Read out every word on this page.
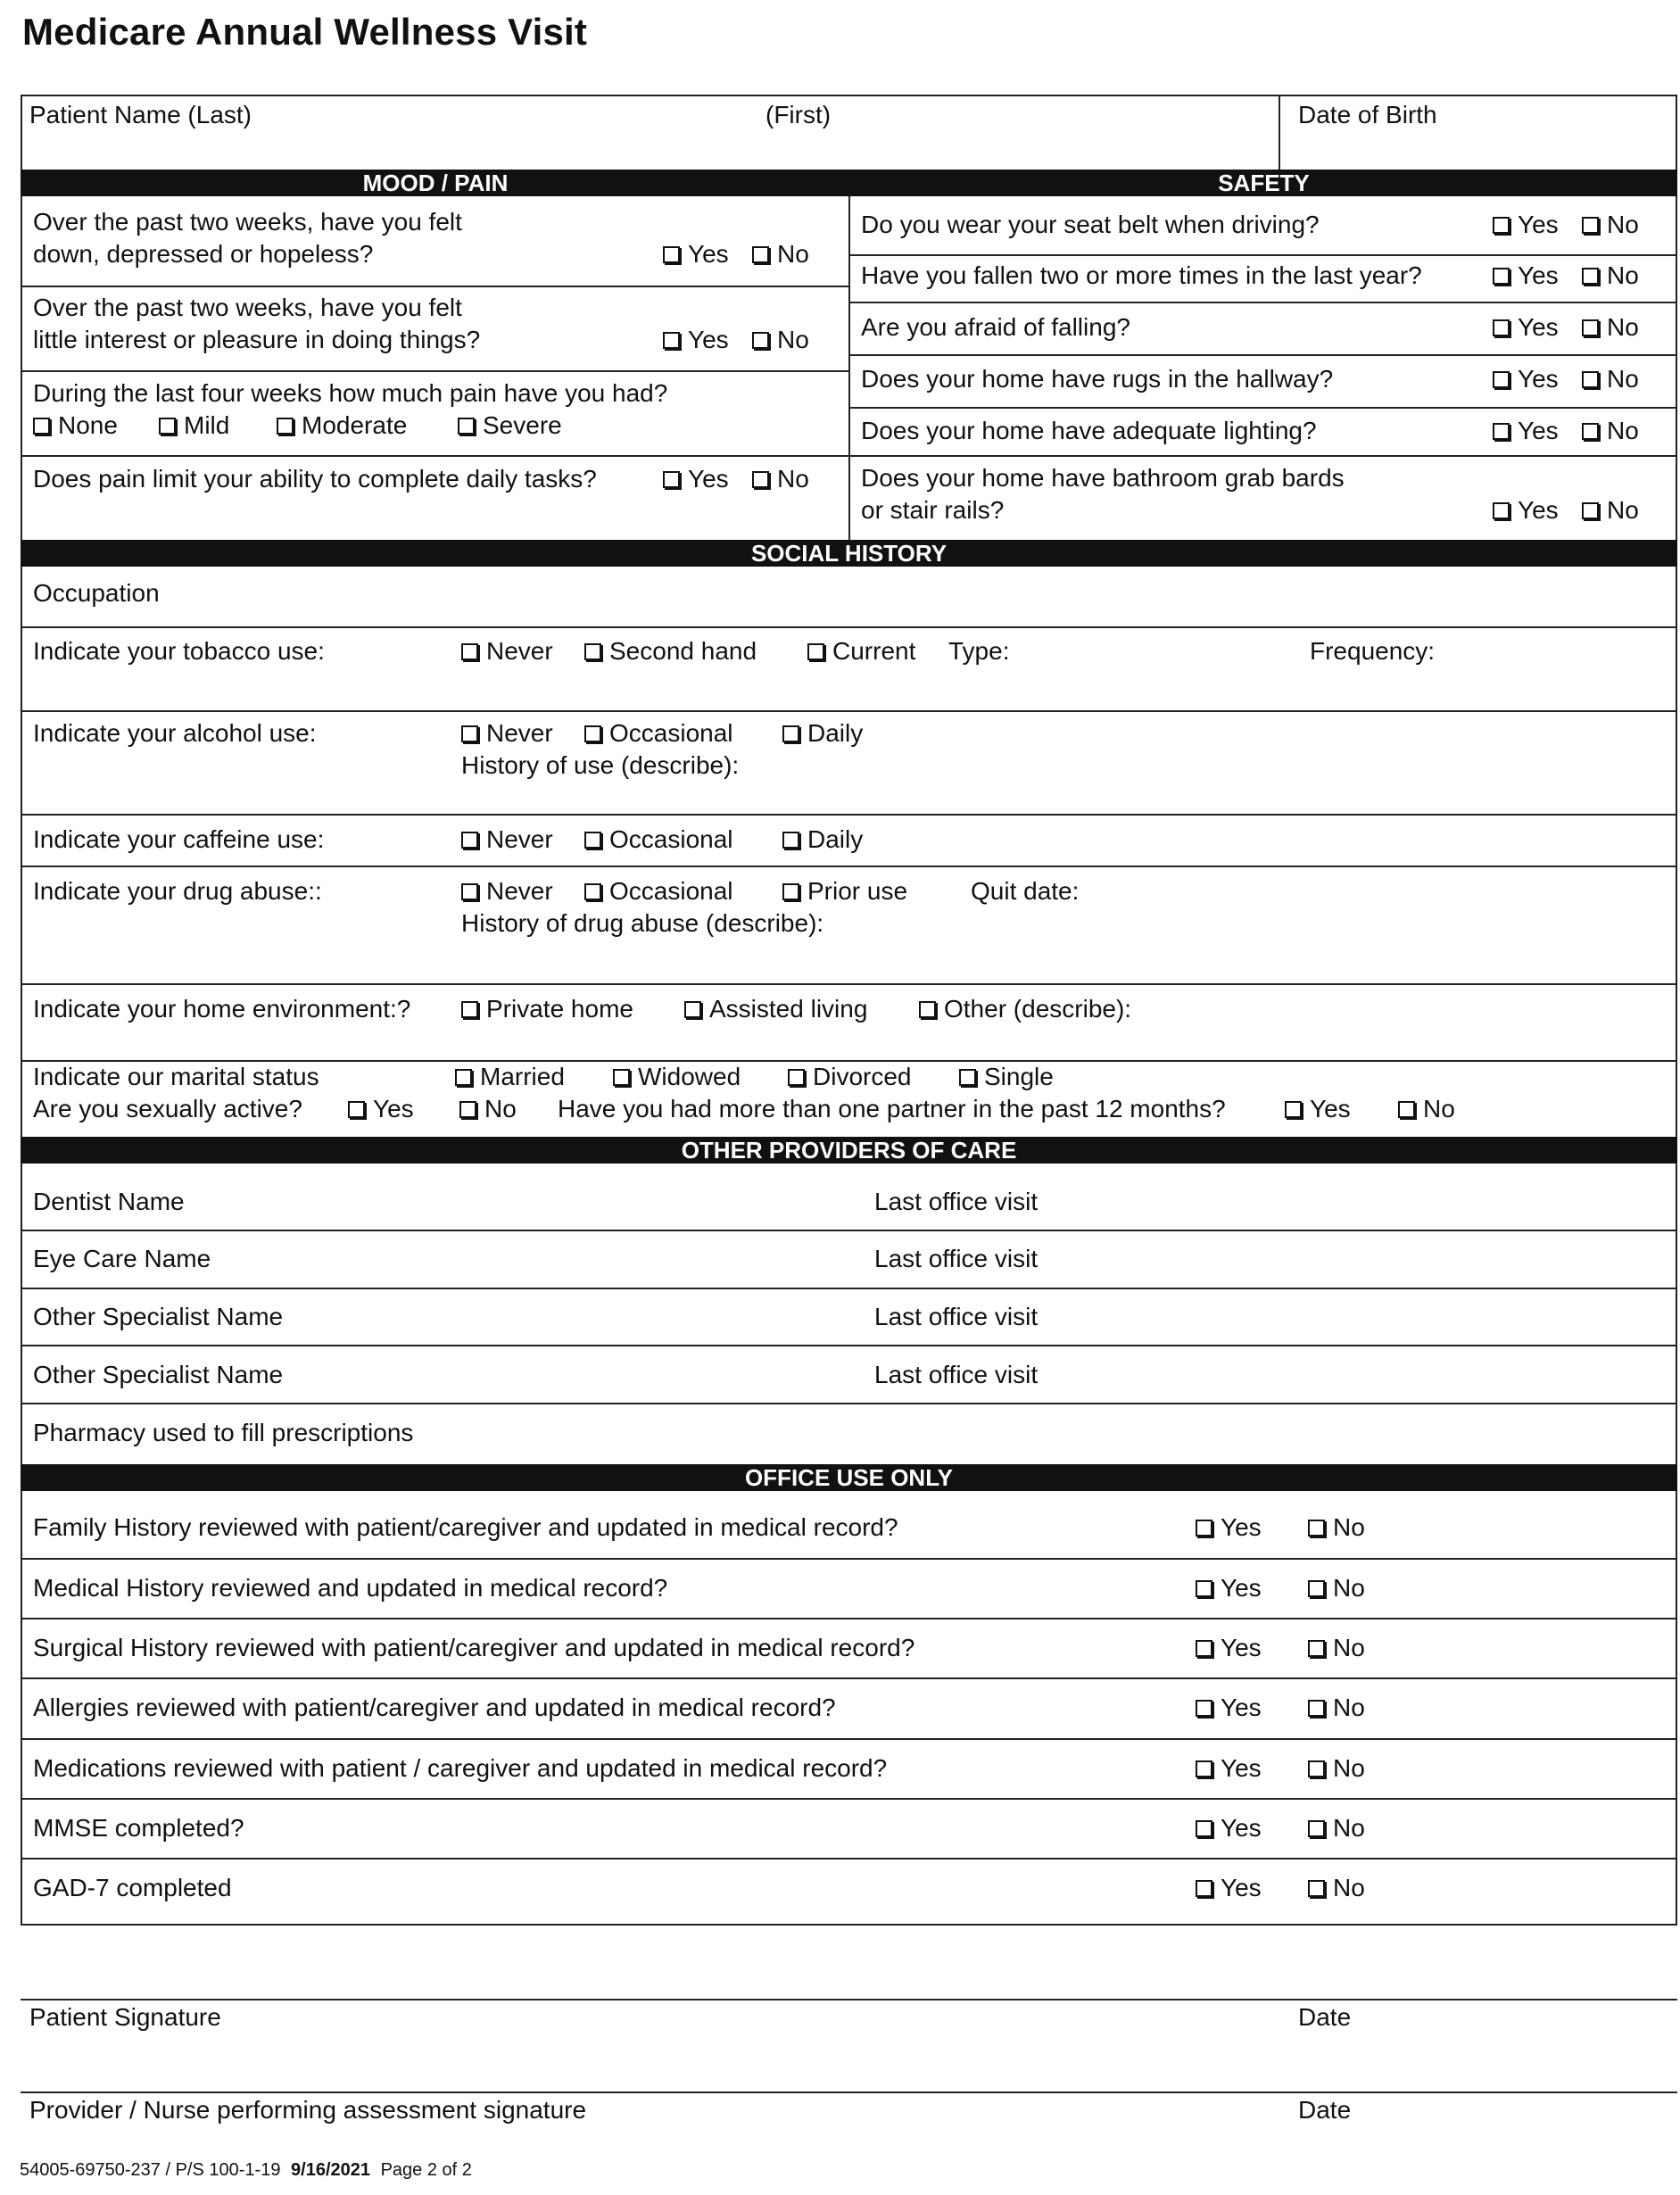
Medicare Annual Wellness Visit
Patient Name (Last)	(First)	Date of Birth
MOOD / PAIN	SAFETY
Over the past two weeks, have you felt
down, depressed or hopeless?	Yes	No
Over the past two weeks, have you felt
little interest or pleasure in doing things?	Yes	No
During the last four weeks how much pain have you had?
None	Mild	Moderate	Severe
Does pain limit your ability to complete daily tasks?	Yes	No
Do you wear your seat belt when driving?	Yes	No
Have you fallen two or more times in the last year?	Yes	No
Are you afraid of falling?	Yes	No
Does your home have rugs in the hallway?	Yes	No
Does your home have adequate lighting?	Yes	No
Does your home have bathroom grab bards
or stair rails?	Yes	No
SOCIAL HISTORY
Occupation
Indicate your tobacco use:	Never	Second hand	Current Type:	Frequency:
Indicate your alcohol use:	Never	Occasional	Daily
History of use (describe):
Indicate your caffeine use:	Never	Occasional	Daily
Indicate your drug abuse::	Never	Occasional	Prior use	Quit date:
History of drug abuse (describe):
Indicate your home environment:?	Private home	Assisted living	Other (describe):
Indicate our marital status	Married	Widowed	Divorced	Single
Are you sexually active?	Yes	No Have you had more than one partner in the past 12 months?	Yes	No
OTHER PROVIDERS OF CARE
Dentist Name	Last office visit
Eye Care Name	Last office visit
Other Specialist Name	Last office visit
Other Specialist Name	Last office visit
Pharmacy used to fill prescriptions
OFFICE USE ONLY
Family History reviewed with patient/caregiver and updated in medical record?	Yes	No
Medical History reviewed and updated in medical record?	Yes	No
Surgical History reviewed with patient/caregiver and updated in medical record?	Yes	No
Allergies reviewed with patient/caregiver and updated in medical record?	Yes	No
Medications reviewed with patient / caregiver and updated in medical record?	Yes	No
MMSE completed?	Yes	No
GAD-7 completed	Yes	No
Patient Signature	Date
Provider / Nurse performing assessment signature	Date
54005-69750-237 / P/S 100-1-19 9/16/2021 Page 2 of 2
